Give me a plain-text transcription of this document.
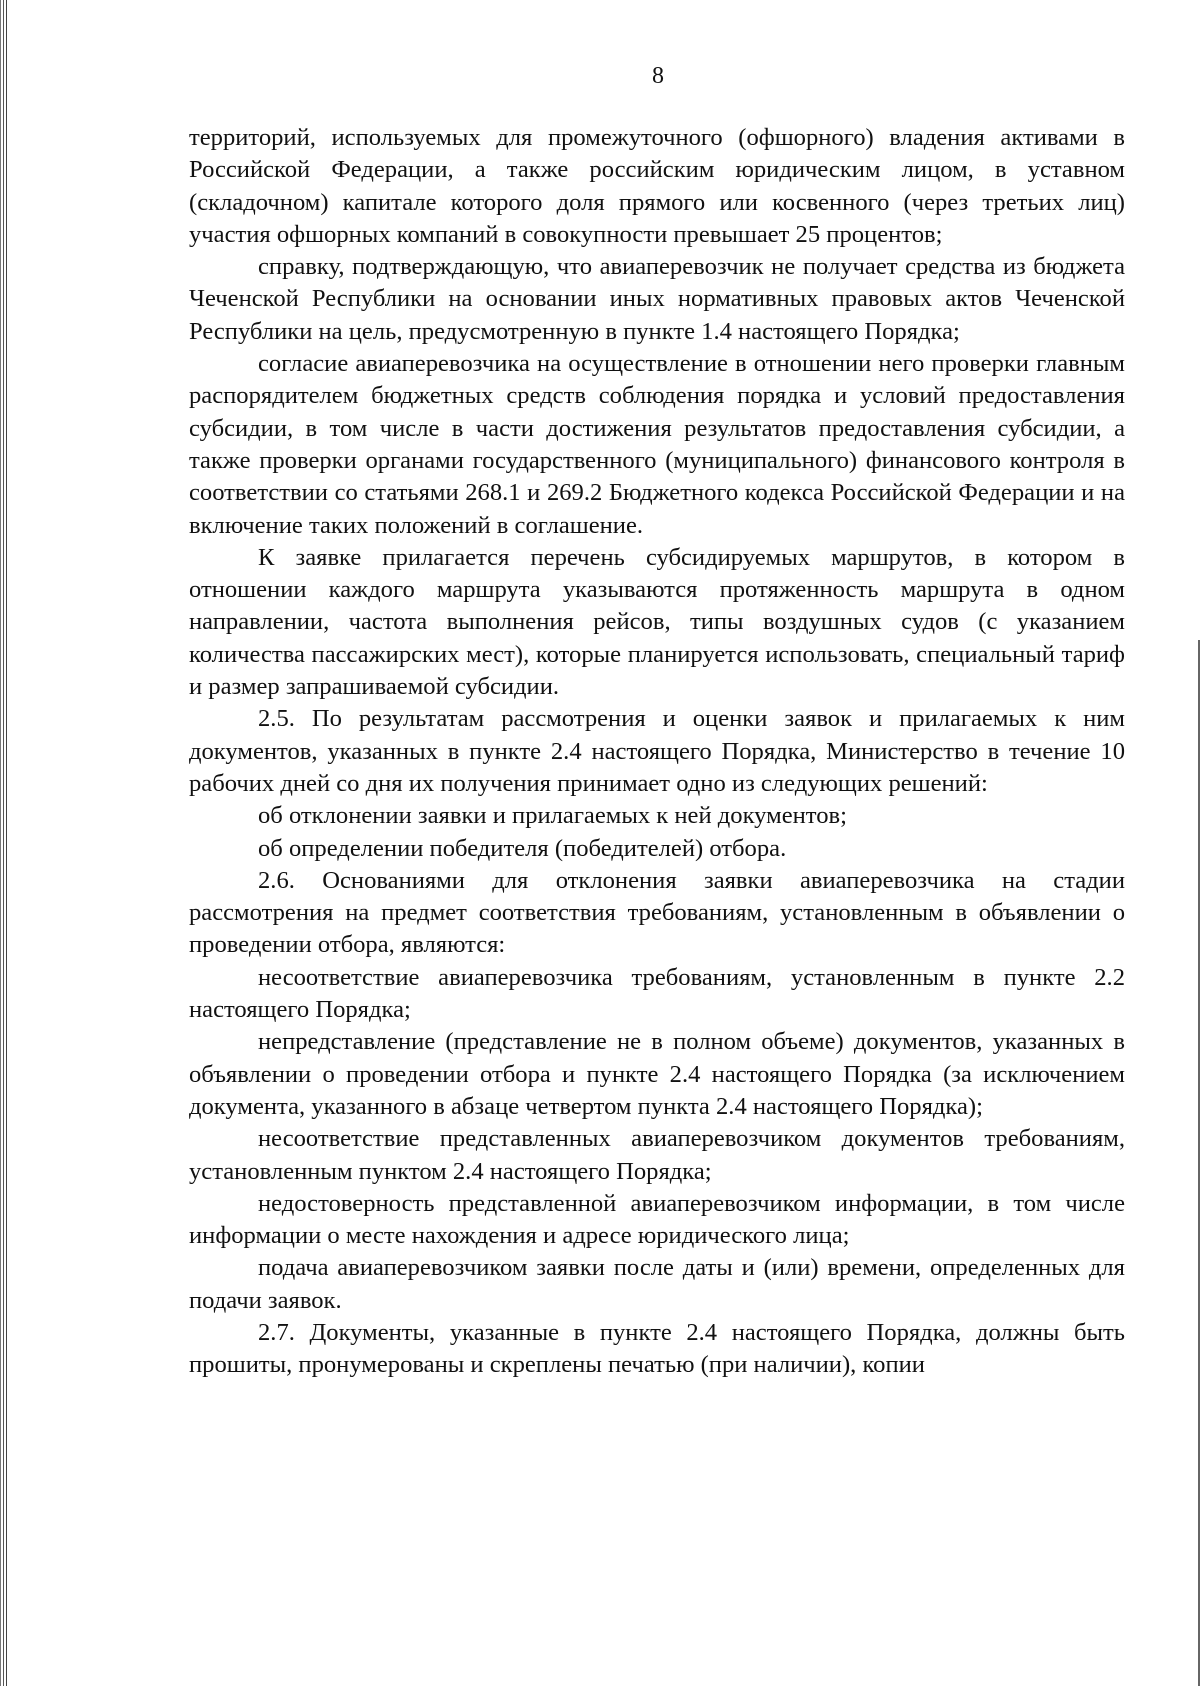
8

территорий, используемых для промежуточного (офшорного) владения активами в Российской Федерации, а также российским юридическим лицом, в уставном (складочном) капитале которого доля прямого или косвенного (через третьих лиц) участия офшорных компаний в совокупности превышает 25 процентов;

справку, подтверждающую, что авиаперевозчик не получает средства из бюджета Чеченской Республики на основании иных нормативных правовых актов Чеченской Республики на цель, предусмотренную в пункте 1.4 настоящего Порядка;

согласие авиаперевозчика на осуществление в отношении него проверки главным распорядителем бюджетных средств соблюдения порядка и условий предоставления субсидии, в том числе в части достижения результатов предоставления субсидии, а также проверки органами государственного (муниципального) финансового контроля в соответствии со статьями 268.1 и 269.2 Бюджетного кодекса Российской Федерации и на включение таких положений в соглашение.

К заявке прилагается перечень субсидируемых маршрутов, в котором в отношении каждого маршрута указываются протяженность маршрута в одном направлении, частота выполнения рейсов, типы воздушных судов (с указанием количества пассажирских мест), которые планируется использовать, специальный тариф и размер запрашиваемой субсидии.

2.5. По результатам рассмотрения и оценки заявок и прилагаемых к ним документов, указанных в пункте 2.4 настоящего Порядка, Министерство в течение 10 рабочих дней со дня их получения принимает одно из следующих решений:

об отклонении заявки и прилагаемых к ней документов;

об определении победителя (победителей) отбора.

2.6. Основаниями для отклонения заявки авиаперевозчика на стадии рассмотрения на предмет соответствия требованиям, установленным в объявлении о проведении отбора, являются:

несоответствие авиаперевозчика требованиям, установленным в пункте 2.2 настоящего Порядка;

непредставление (представление не в полном объеме) документов, указанных в объявлении о проведении отбора и пункте 2.4 настоящего Порядка (за исключением документа, указанного в абзаце четвертом пункта 2.4 настоящего Порядка);

несоответствие представленных авиаперевозчиком документов требованиям, установленным пунктом 2.4 настоящего Порядка;

недостоверность представленной авиаперевозчиком информации, в том числе информации о месте нахождения и адресе юридического лица;

подача авиаперевозчиком заявки после даты и (или) времени, определенных для подачи заявок.

2.7. Документы, указанные в пункте 2.4 настоящего Порядка, должны быть прошиты, пронумерованы и скреплены печатью (при наличии), копии
